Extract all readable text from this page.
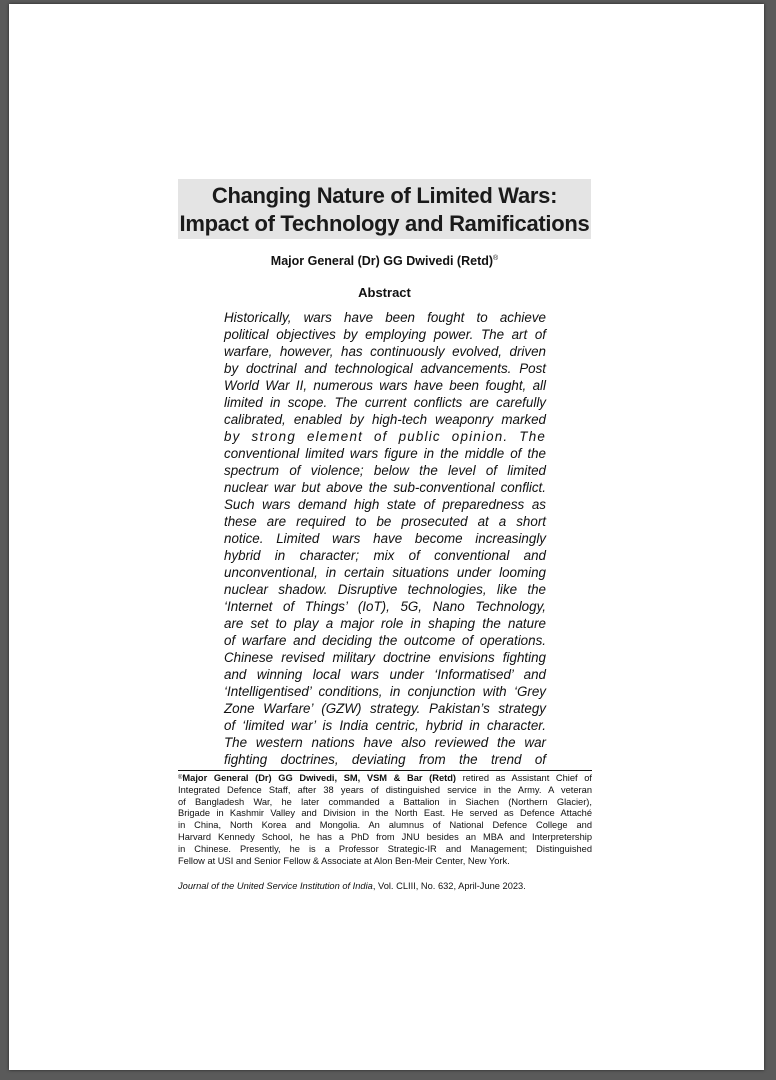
Changing Nature of Limited Wars:
Impact of Technology and Ramifications
Major General (Dr) GG Dwivedi (Retd)®
Abstract
Historically, wars have been fought to achieve
political objectives by employing power. The art of
warfare, however, has continuously evolved, driven
by doctrinal and technological advancements. Post
World War II, numerous wars have been fought, all
limited in scope. The current conflicts are carefully
calibrated, enabled by high-tech weaponry marked
by strong element of public opinion. The
conventional limited wars figure in the middle of the
spectrum of violence; below the level of limited
nuclear war but above the sub-conventional conflict.
Such wars demand high state of preparedness as
these are required to be prosecuted at a short
notice. Limited wars have become increasingly
hybrid in character; mix of conventional and
unconventional, in certain situations under looming
nuclear shadow. Disruptive technologies, like the
‘Internet of Things’ (IoT), 5G, Nano Technology,
are set to play a major role in shaping the nature
of warfare and deciding the outcome of operations.
Chinese revised military doctrine envisions fighting
and winning local wars under ‘Informatised’ and
‘Intelligentised’ conditions, in conjunction with ‘Grey
Zone Warfare’ (GZW) strategy. Pakistan’s strategy
of ‘limited war’ is India centric, hybrid in character.
The western nations have also reviewed the war
fighting doctrines, deviating from the trend of
®Major General (Dr) GG Dwivedi, SM, VSM & Bar (Retd) retired as Assistant Chief of
Integrated Defence Staff, after 38 years of distinguished service in the Army. A veteran
of Bangladesh War, he later commanded a Battalion in Siachen (Northern Glacier),
Brigade in Kashmir Valley and Division in the North East. He served as Defence Attaché
in China, North Korea and Mongolia. An alumnus of National Defence College and
Harvard Kennedy School, he has a PhD from JNU besides an MBA and Interpretership
in Chinese. Presently, he is a Professor Strategic-IR and Management; Distinguished
Fellow at USI and Senior Fellow & Associate at Alon Ben-Meir Center, New York.
Journal of the United Service Institution of India, Vol. CLIII, No. 632, April-June 2023.
